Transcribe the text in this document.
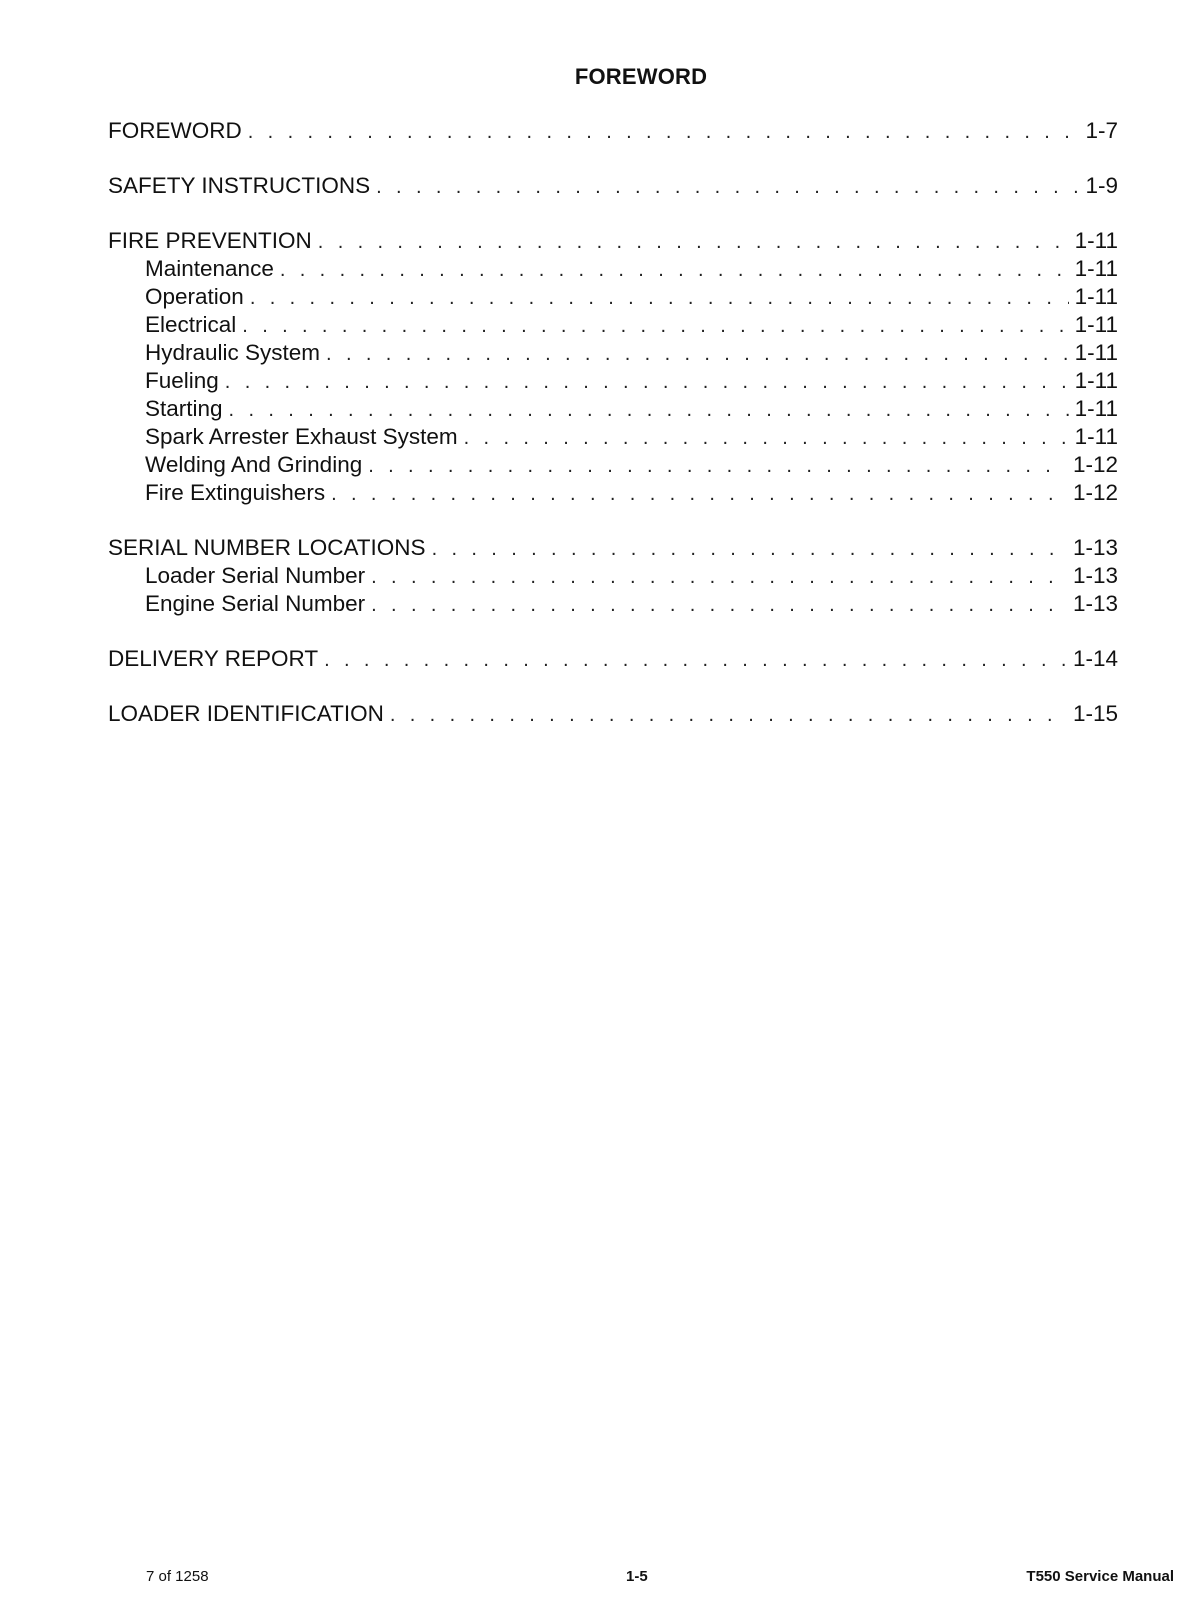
FOREWORD
FOREWORD . . .	1-7
SAFETY INSTRUCTIONS . . .	1-9
FIRE PREVENTION . . .	1-11
Maintenance . . .	1-11
Operation . . .	1-11
Electrical . . .	1-11
Hydraulic System . . .	1-11
Fueling . . .	1-11
Starting . . .	1-11
Spark Arrester Exhaust System . . .	1-11
Welding And Grinding . . .	1-12
Fire Extinguishers . . .	1-12
SERIAL NUMBER LOCATIONS . . .	1-13
Loader Serial Number . . .	1-13
Engine Serial Number . . .	1-13
DELIVERY REPORT . . .	1-14
LOADER IDENTIFICATION . . .	1-15
7 of 1258	1-5	T550 Service Manual
